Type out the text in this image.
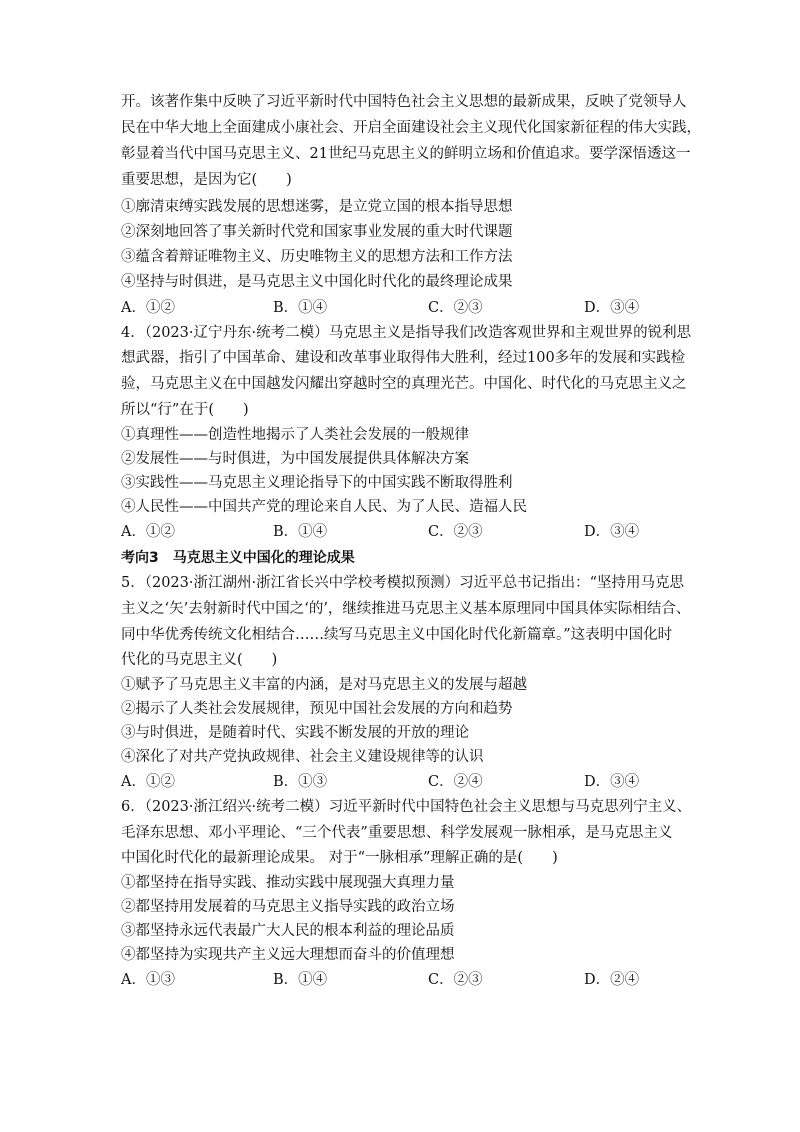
开。该著作集中反映了习近平新时代中国特色社会主义思想的最新成果，反映了党领导人
民在中华大地上全面建成小康社会、开启全面建设社会主义现代化国家新征程的伟大实践，
彰显着当代中国马克思主义、21世纪马克思主义的鲜明立场和价值追求。要学深悟透这一
重要思想，是因为它(　　)
①廓清束缚实践发展的思想迷雾，是立党立国的根本指导思想
②深刻地回答了事关新时代党和国家事业发展的重大时代课题
③蕴含着辩证唯物主义、历史唯物主义的思想方法和工作方法
④坚持与时俱进，是马克思主义中国化时代化的最终理论成果
A．①②	B．①④	C．②③	D．③④
4．（2023·辽宁丹东·统考二模）马克思主义是指导我们改造客观世界和主观世界的锐利思
想武器，指引了中国革命、建设和改革事业取得伟大胜利，经过100多年的发展和实践检
验，马克思主义在中国越发闪耀出穿越时空的真理光芒。中国化、时代化的马克思主义之
所以“行”在于(　　)
①真理性——创造性地揭示了人类社会发展的一般规律
②发展性——与时俱进，为中国发展提供具体解决方案
③实践性——马克思主义理论指导下的中国实践不断取得胜利
④人民性——中国共产党的理论来自人民、为了人民、造福人民
A．①②	B．①④	C．②③	D．③④
考向3　马克思主义中国化的理论成果
5．（2023·浙江湖州·浙江省长兴中学校考模拟预测）习近平总书记指出：“坚持用马克思
主义之‘矢’去射新时代中国之‘的’，继续推进马克思主义基本原理同中国具体实际相结合、
同中华优秀传统文化相结合……续写马克思主义中国化时代化新篇章。”这表明中国化时
代化的马克思主义(　　)
①赋予了马克思主义丰富的内涵，是对马克思主义的发展与超越
②揭示了人类社会发展规律，预见中国社会发展的方向和趋势
③与时俱进，是随着时代、实践不断发展的开放的理论
④深化了对共产党执政规律、社会主义建设规律等的认识
A．①②	B．①③	C．②④	D．③④
6．（2023·浙江绍兴·统考二模）习近平新时代中国特色社会主义思想与马克思列宁主义、
毛泽东思想、邓小平理论、“三个代表”重要思想、科学发展观一脉相承，是马克思主义
中国化时代化的最新理论成果。 对于“一脉相承”理解正确的是(　　)
①都坚持在指导实践、推动实践中展现强大真理力量
②都坚持用发展着的马克思主义指导实践的政治立场
③都坚持永远代表最广大人民的根本利益的理论品质
④都坚持为实现共产主义远大理想而奋斗的价值理想
A．①③	B．①④	C．②③	D．②④
